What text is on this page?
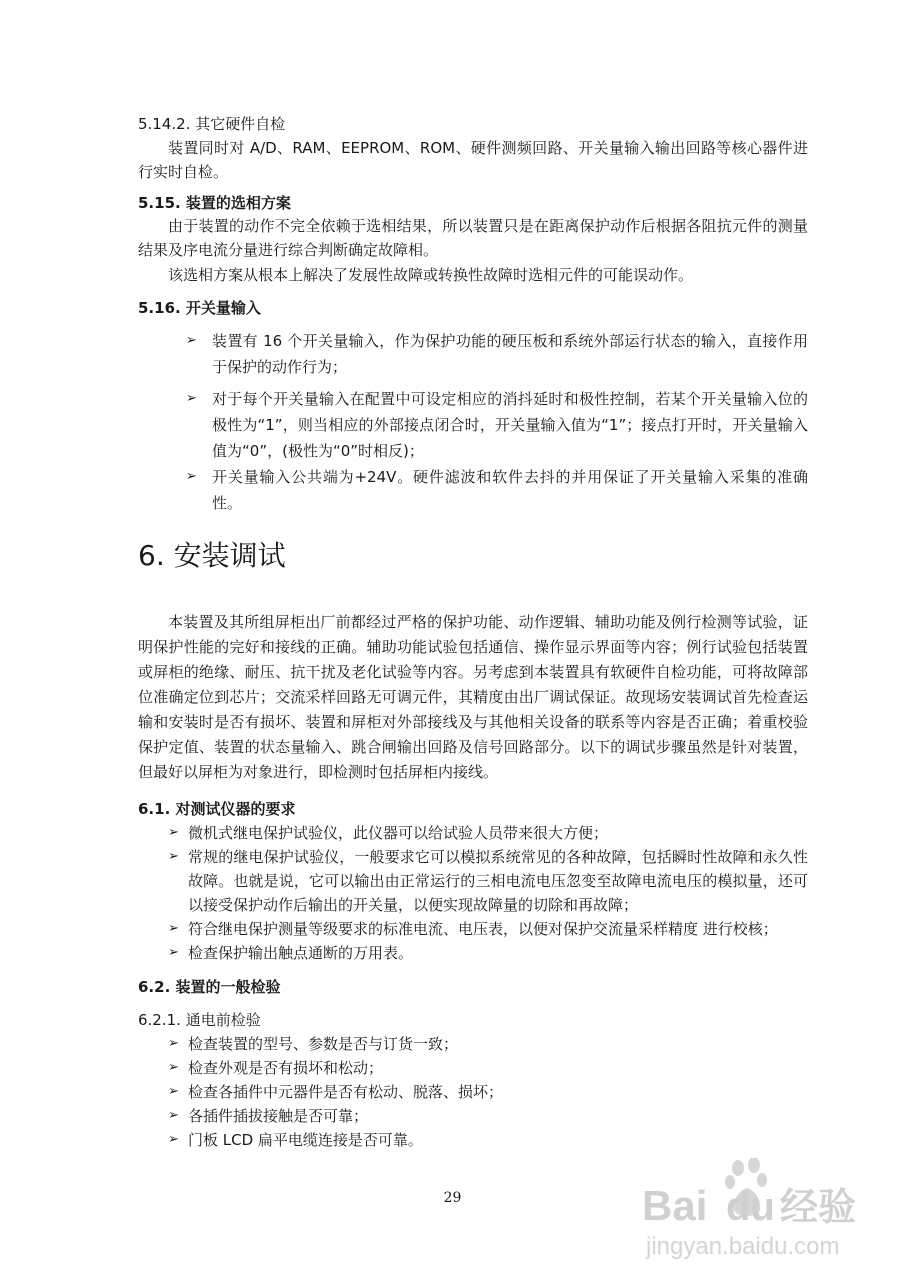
5.14.2. 其它硬件自检

装置同时对 A/D、RAM、EEPROM、ROM、硬件测频回路、开关量输入输出回路等核心器件进行实时自检。

5.15. 装置的选相方案

由于装置的动作不完全依赖于选相结果，所以装置只是在距离保护动作后根据各阻抗元件的测量结果及序电流分量进行综合判断确定故障相。

该选相方案从根本上解决了发展性故障或转换性故障时选相元件的可能误动作。

5.16. 开关量输入

➢ 装置有 16 个开关量输入，作为保护功能的硬压板和系统外部运行状态的输入，直接作用于保护的动作行为；
➢ 对于每个开关量输入在配置中可设定相应的消抖延时和极性控制，若某个开关量输入位的极性为“1”，则当相应的外部接点闭合时，开关量输入值为“1”；接点打开时，开关量输入值为“0”，(极性为“0”时相反)；
➢ 开关量输入公共端为+24V。硬件滤波和软件去抖的并用保证了开关量输入采集的准确性。

6. 安装调试

本装置及其所组屏柜出厂前都经过严格的保护功能、动作逻辑、辅助功能及例行检测等试验，证明保护性能的完好和接线的正确。辅助功能试验包括通信、操作显示界面等内容；例行试验包括装置或屏柜的绝缘、耐压、抗干扰及老化试验等内容。另考虑到本装置具有软硬件自检功能，可将故障部位准确定位到芯片；交流采样回路无可调元件，其精度由出厂调试保证。故现场安装调试首先检查运输和安装时是否有损坏、装置和屏柜对外部接线及与其他相关设备的联系等内容是否正确；着重校验保护定值、装置的状态量输入、跳合闸输出回路及信号回路部分。以下的调试步骤虽然是针对装置，但最好以屏柜为对象进行，即检测时包括屏柜内接线。

6.1. 对测试仪器的要求

➢ 微机式继电保护试验仪，此仪器可以给试验人员带来很大方便；
➢ 常规的继电保护试验仪，一般要求它可以模拟系统常见的各种故障，包括瞬时性故障和永久性故障。也就是说，它可以输出由正常运行的三相电流电压忽变至故障电流电压的模拟量，还可以接受保护动作后输出的开关量，以便实现故障量的切除和再故障；
➢ 符合继电保护测量等级要求的标准电流、电压表，以便对保护交流量采样精度 进行校核；
➢ 检查保护输出触点通断的万用表。

6.2. 装置的一般检验

6.2.1. 通电前检验

➢ 检查装置的型号、参数是否与订货一致；
➢ 检查外观是否有损坏和松动；
➢ 检查各插件中元器件是否有松动、脱落、损坏；
➢ 各插件插拔接触是否可靠；
➢ 门板 LCD 扁平电缆连接是否可靠。
29	Bai du 经验
jingyan.baidu.com
